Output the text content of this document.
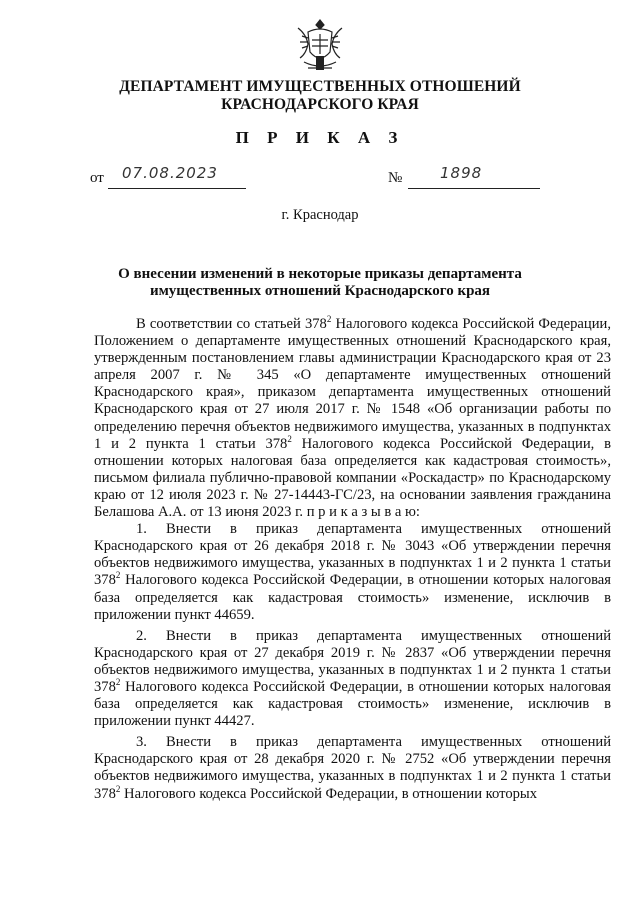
ДЕПАРТАМЕНТ ИМУЩЕСТВЕННЫХ ОТНОШЕНИЙ
КРАСНОДАРСКОГО КРАЯ
П Р И К А З
от 07.08.2023	№	1898
г. Краснодар
О внесении изменений в некоторые приказы департамента
имущественных отношений Краснодарского края

В соответствии со статьей $378^2$ Налогового кодекса Российской Федерации, Положением о департаменте имущественных отношений Краснодарского края, утвержденным постановлением главы администрации Краснодарского края от 23 апреля 2007 г. № 345 «О департаменте имущественных отношений Краснодарского края», приказом департамента имущественных отношений Краснодарского края от 27 июля 2017 г. № 1548 «Об организации работы по определению перечня объектов недвижимого имущества, указанных в подпунктах 1 и 2 пункта 1 статьи $378^2$ Налогового кодекса Российской Федерации, в отношении которых налоговая база определяется как кадастровая стоимость», письмом филиала публично-правовой компании «Роскадастр» по Краснодарскому краю от 12 июля 2023 г. № 27-14443-ГС/23, на основании заявления гражданина Белашова А.А. от 13 июня 2023 г. п р и к а з ы в а ю:

1. Внести в приказ департамента имущественных отношений Краснодарского края от 26 декабря 2018 г. № 3043 «Об утверждении перечня объектов недвижимого имущества, указанных в подпунктах 1 и 2 пункта 1 статьи $378^2$ Налогового кодекса Российской Федерации, в отношении которых налоговая база определяется как кадастровая стоимость» изменение, исключив в приложении пункт 44659.

2. Внести в приказ департамента имущественных отношений Краснодарского края от 27 декабря 2019 г. № 2837 «Об утверждении перечня объектов недвижимого имущества, указанных в подпунктах 1 и 2 пункта 1 статьи $378^2$ Налогового кодекса Российской Федерации, в отношении которых налоговая база определяется как кадастровая стоимость» изменение, исключив в приложении пункт 44427.

3. Внести в приказ департамента имущественных отношений Краснодарского края от 28 декабря 2020 г. № 2752 «Об утверждении перечня объектов недвижимого имущества, указанных в подпунктах 1 и 2 пункта 1 статьи $378^2$ Налогового кодекса Российской Федерации, в отношении которых
